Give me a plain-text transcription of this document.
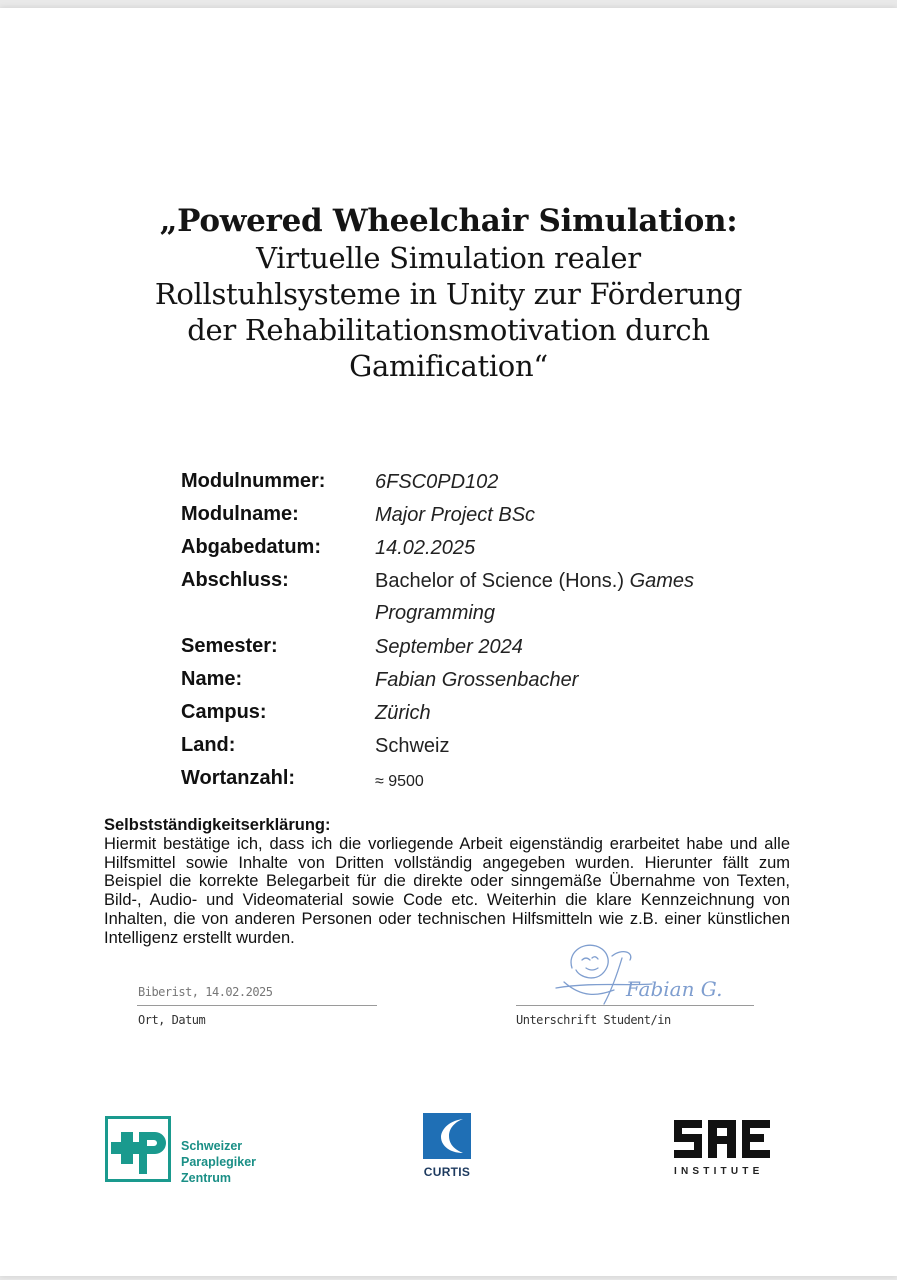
„Powered Wheelchair Simulation:
Virtuelle Simulation realer
Rollstuhlsysteme in Unity zur Förderung
der Rehabilitationsmotivation durch
Gamification“
Modulnummer: 6FSC0PD102
Modulname:	Major Project BSc
Abgabedatum:	14.02.2025
Abschluss:	Bachelor of Science (Hons.) Games Programming
Semester:	September 2024
Name:	Fabian Grossenbacher
Campus:	Zürich
Land:	Schweiz
Wortanzahl:	≈ 9500
Selbstständigkeitserklärung:
Hiermit bestätige ich, dass ich die vorliegende Arbeit eigenständig erarbeitet habe und alle Hilfsmittel sowie Inhalte von Dritten vollständig angegeben wurden. Hierunter fällt zum Beispiel die korrekte Belegarbeit für die direkte oder sinngemäße Übernahme von Texten, Bild-, Audio- und Videomaterial sowie Code etc. Weiterhin die klare Kennzeichnung von Inhalten, die von anderen Personen oder technischen Hilfsmitteln wie z.B. einer künstlichen Intelligenz erstellt wurden.
Biberist, 14.02.2025
Ort, Datum	Unterschrift Student/in
Fabian G.
Schweizer
Paraplegiker
Zentrum	CURTIS	INSTITUTE
